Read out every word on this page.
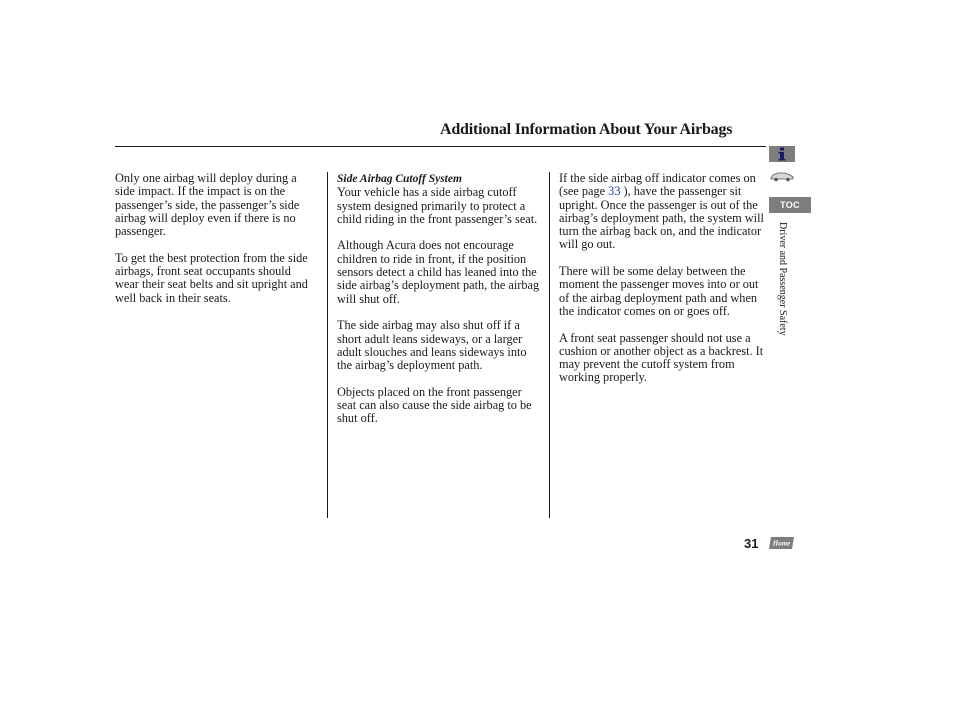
Additional Information About Your Airbags

Only one airbag will deploy during a side impact. If the impact is on the passenger’s side, the passenger’s side airbag will deploy even if there is no passenger.

To get the best protection from the side airbags, front seat occupants should wear their seat belts and sit upright and well back in their seats.

Side Airbag Cutoff System

Your vehicle has a side airbag cutoff system designed primarily to protect a child riding in the front passenger’s seat.

Although Acura does not encourage children to ride in front, if the position sensors detect a child has leaned into the side airbag’s deployment path, the airbag will shut off.

The side airbag may also shut off if a short adult leans sideways, or a larger adult slouches and leans sideways into the airbag’s deployment path.

Objects placed on the front passenger seat can also cause the side airbag to be shut off.

If the side airbag off indicator comes on (see page 33 ), have the passenger sit upright. Once the passenger is out of the airbag’s deployment path, the system will turn the airbag back on, and the indicator will go out.

There will be some delay between the moment the passenger moves into or out of the airbag deployment path and when the indicator comes on or goes off.

A front seat passenger should not use a cushion or another object as a backrest. It may prevent the cutoff system from working properly.

TOC
Driver and Passenger Safety
31 Home
